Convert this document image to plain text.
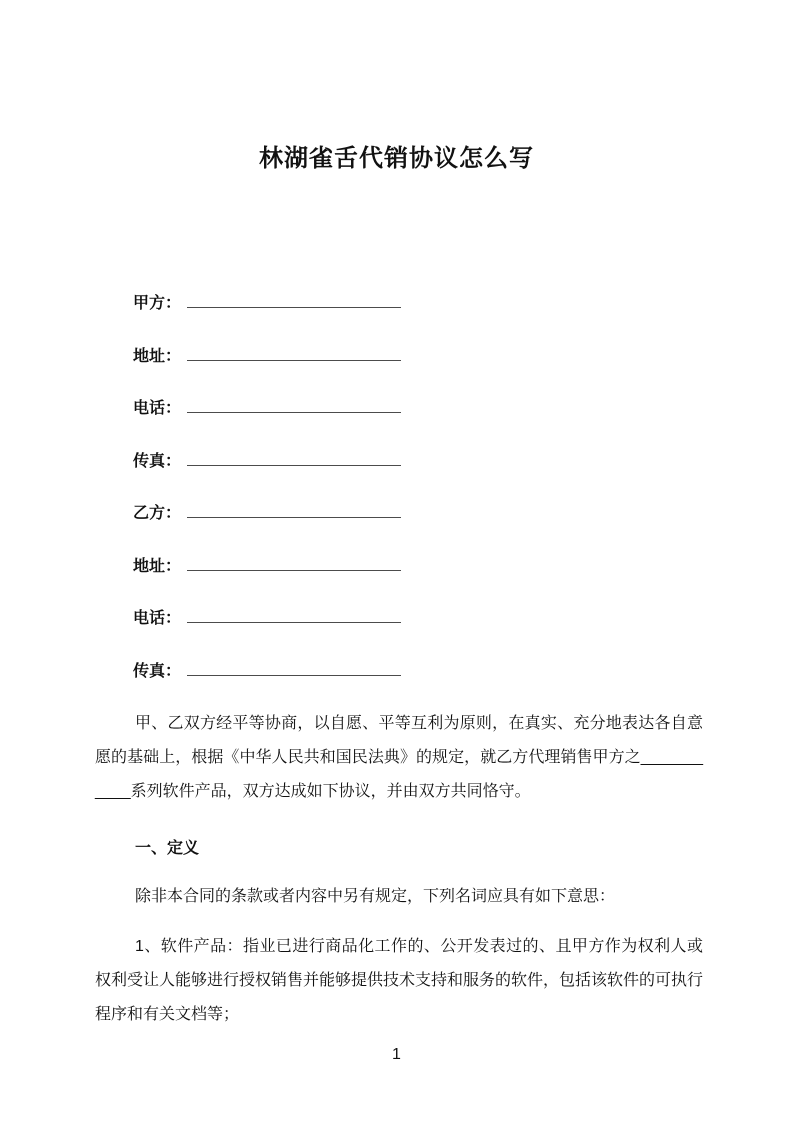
林湖雀舌代销协议怎么写
甲方：
地址：
电话：
传真：
乙方：
地址：
电话：
传真：

甲、乙双方经平等协商，以自愿、平等互利为原则，在真实、充分地表达各自意愿的基础上，根据《中华人民共和国民法典》的规定，就乙方代理销售甲方之___________系列软件产品，双方达成如下协议，并由双方共同恪守。

一、定义

除非本合同的条款或者内容中另有规定，下列名词应具有如下意思：

1、软件产品：指业已进行商品化工作的、公开发表过的、且甲方作为权利人或权利受让人能够进行授权销售并能够提供技术支持和服务的软件，包括该软件的可执行程序和有关文档等；

1
